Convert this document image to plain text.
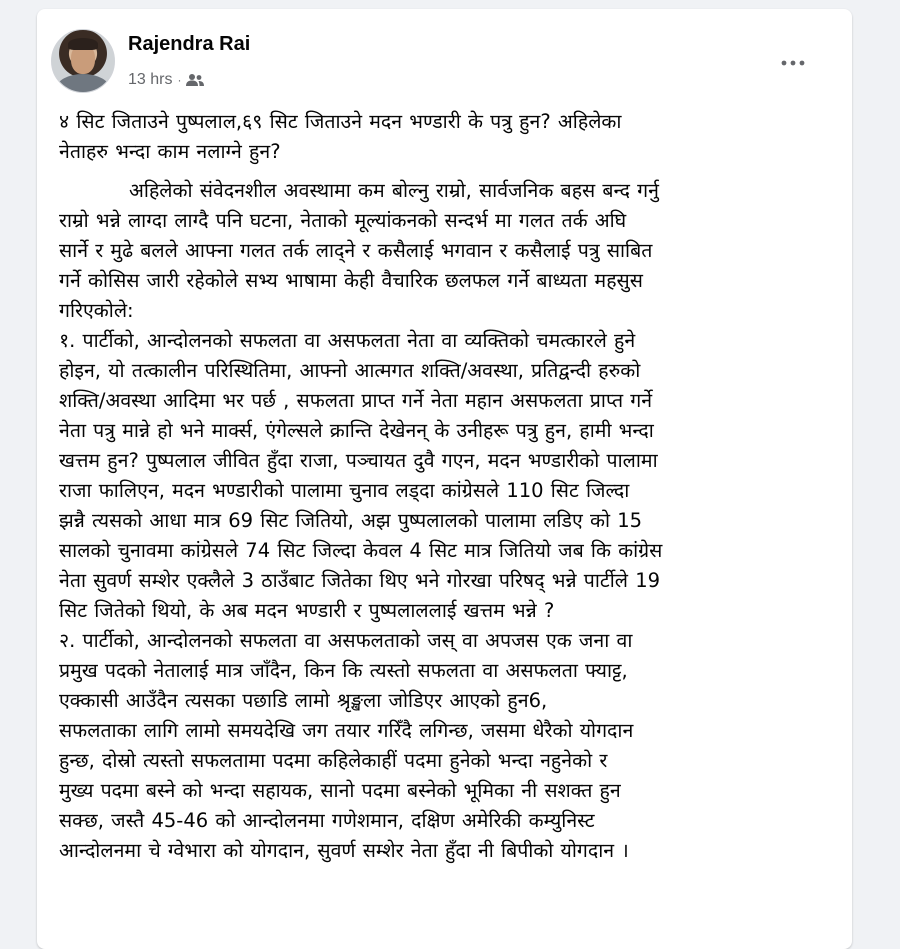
Rajendra Rai
13 hrs ·

४ सिट जिताउने पुष्पलाल,६९ सिट जिताउने मदन भण्डारी के पत्रु हुन? अहिलेका

नेताहरु भन्दा काम नलाग्ने हुन?

अहिलेको संवेदनशील अवस्थामा कम बोल्नु राम्रो, सार्वजनिक बहस बन्द गर्नु

राम्रो भन्ने लाग्दा लाग्दै पनि घटना, नेताको मूल्यांकनको सन्दर्भ मा गलत तर्क अघि

सार्ने र मुढे बलले आफ्ना गलत तर्क लाद्ने र कसैलाई भगवान र कसैलाई पत्रु साबित

गर्ने कोसिस जारी रहेकोले सभ्य भाषामा केही वैचारिक छलफल गर्ने बाध्यता महसुस

गरिएकोले:

१. पार्टीको, आन्दोलनको सफलता वा असफलता नेता वा व्यक्तिको चमत्कारले हुने

होइन, यो तत्कालीन परिस्थितिमा, आफ्नो आत्मगत शक्ति/अवस्था, प्रतिद्वन्दी हरुको

शक्ति/अवस्था आदिमा भर पर्छ , सफलता प्राप्त गर्ने नेता महान असफलता प्राप्त गर्ने

नेता पत्रु मान्ने हो भने मार्क्स, एंगेल्सले क्रान्ति देखेनन् के उनीहरू पत्रु हुन, हामी भन्दा

खत्तम हुन? पुष्पलाल जीवित हुँदा राजा, पञ्चायत दुवै गएन, मदन भण्डारीको पालामा

राजा फालिएन, मदन भण्डारीको पालामा चुनाव लड्दा कांग्रेसले 110 सिट जिल्दा

झन्नै त्यसको आधा मात्र 69 सिट जितियो, अझ पुष्पलालको पालामा लडिए को 15

सालको चुनावमा कांग्रेसले 74 सिट जिल्दा केवल 4 सिट मात्र जितियो जब कि कांग्रेस

नेता सुवर्ण सम्शेर एक्लैले 3 ठाउँबाट जितेका थिए भने गोरखा परिषद् भन्ने पार्टीले 19

सिट जितेको थियो, के अब मदन भण्डारी र पुष्पलाललाई खत्तम भन्ने ?

२. पार्टीको, आन्दोलनको सफलता वा असफलताको जस् वा अपजस एक जना वा

प्रमुख पदको नेतालाई मात्र जाँदैन, किन कि त्यस्तो सफलता वा असफलता फ्याट्ट,

एक्कासी आउँदैन त्यसका पछाडि लामो श्रृङ्खला जोडिएर आएको हुन6,

सफलताका लागि लामो समयदेखि जग तयार गरिँदै लगिन्छ, जसमा धेरैको योगदान

हुन्छ, दोस्रो त्यस्तो सफलतामा पदमा कहिलेकाहीं पदमा हुनेको भन्दा नहुनेको र

मुख्य पदमा बस्ने को भन्दा सहायक, सानो पदमा बस्नेको भूमिका नी सशक्त हुन

सक्छ, जस्तै 45-46 को आन्दोलनमा गणेशमान, दक्षिण अमेरिकी कम्युनिस्ट

आन्दोलनमा चे ग्वेभारा को योगदान, सुवर्ण सम्शेर नेता हुँदा नी बिपीको योगदान ।
